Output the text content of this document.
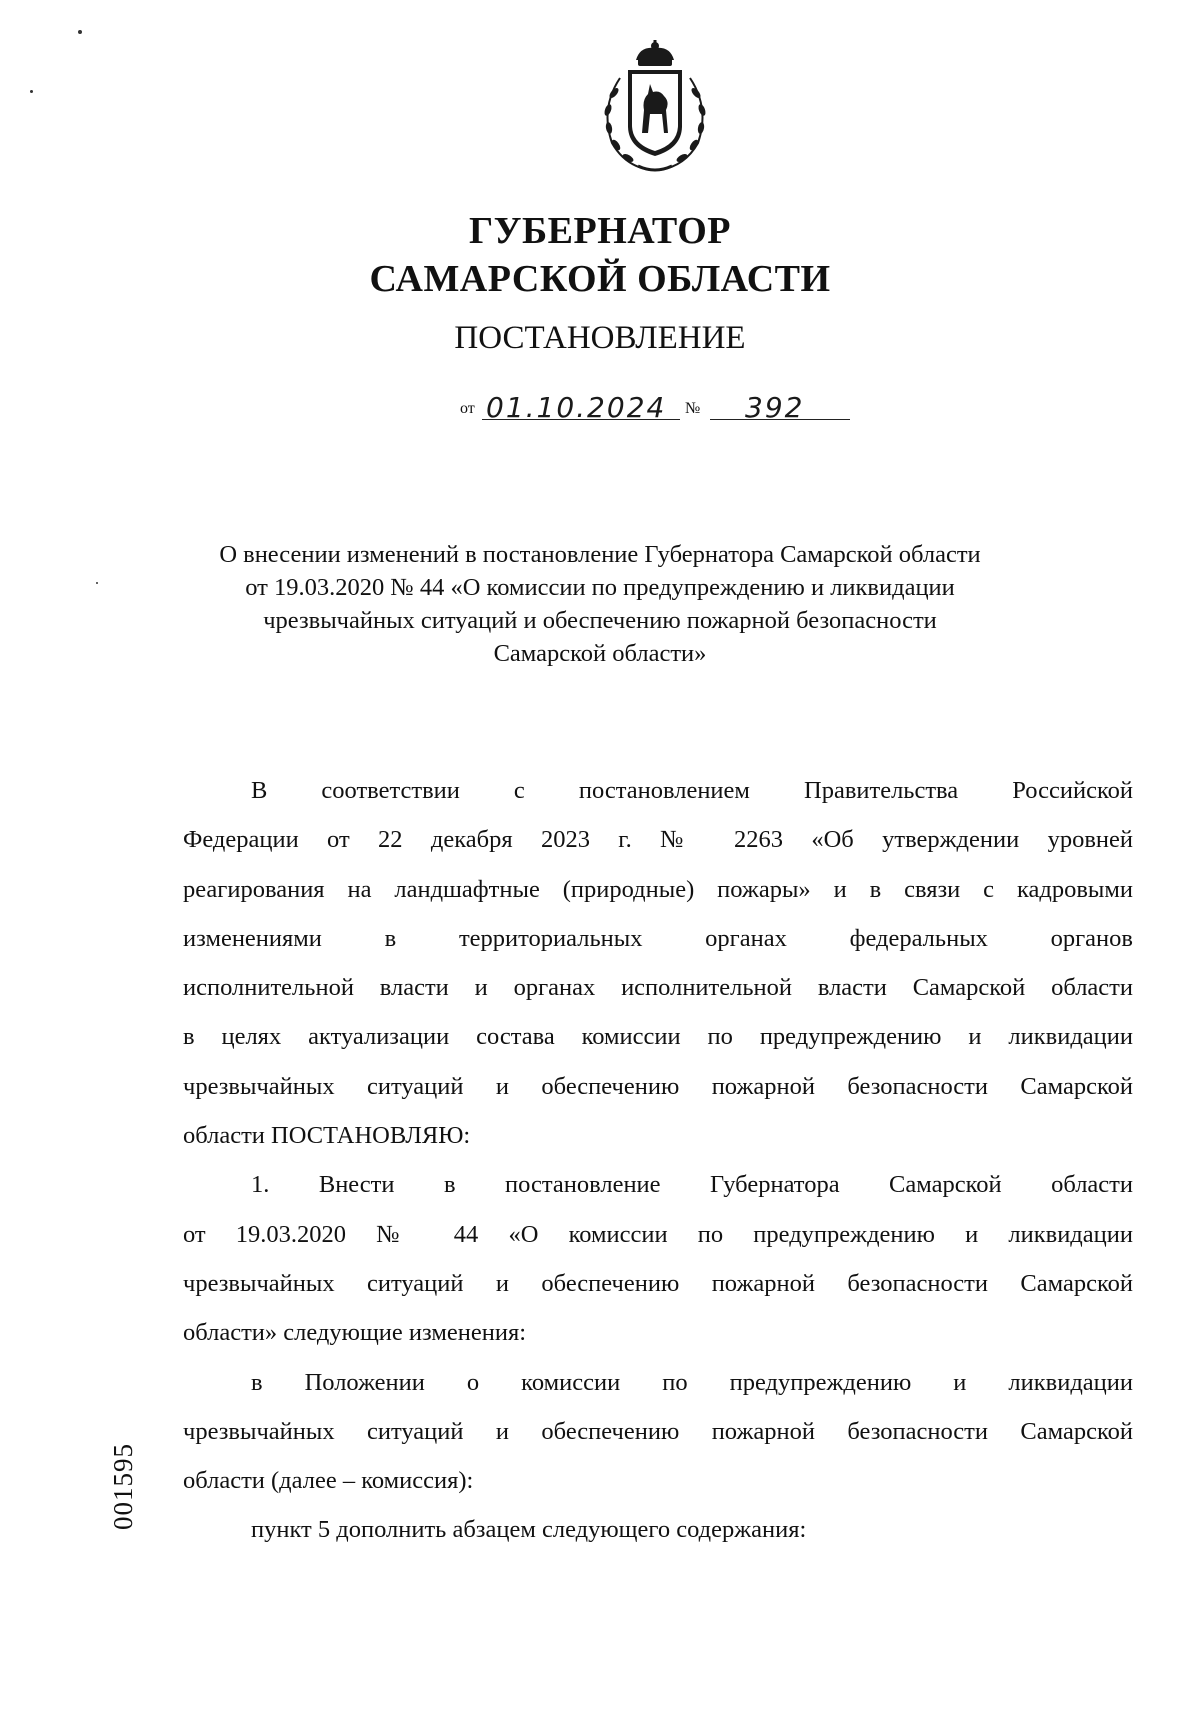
ГУБЕРНАТОР
САМАРСКОЙ ОБЛАСТИ
ПОСТАНОВЛЕНИЕ
от 01.10.2024 № 392
О внесении изменений в постановление Губернатора Самарской области
от 19.03.2020 № 44 «О комиссии по предупреждению и ликвидации
чрезвычайных ситуаций и обеспечению пожарной безопасности
Самарской области»
В соответствии с постановлением Правительства Российской
Федерации от 22 декабря 2023 г. № 2263 «Об утверждении уровней
реагирования на ландшафтные (природные) пожары» и в связи с кадровыми
изменениями в территориальных органах федеральных органов
исполнительной власти и органах исполнительной власти Самарской области
в целях актуализации состава комиссии по предупреждению и ликвидации
чрезвычайных ситуаций и обеспечению пожарной безопасности Самарской
области ПОСТАНОВЛЯЮ:
1. Внести в постановление Губернатора Самарской области
от 19.03.2020 № 44 «О комиссии по предупреждению и ликвидации
чрезвычайных ситуаций и обеспечению пожарной безопасности Самарской
области» следующие изменения:
в Положении о комиссии по предупреждению и ликвидации
чрезвычайных ситуаций и обеспечению пожарной безопасности Самарской
области (далее – комиссия):
пункт 5 дополнить абзацем следующего содержания:
001595
